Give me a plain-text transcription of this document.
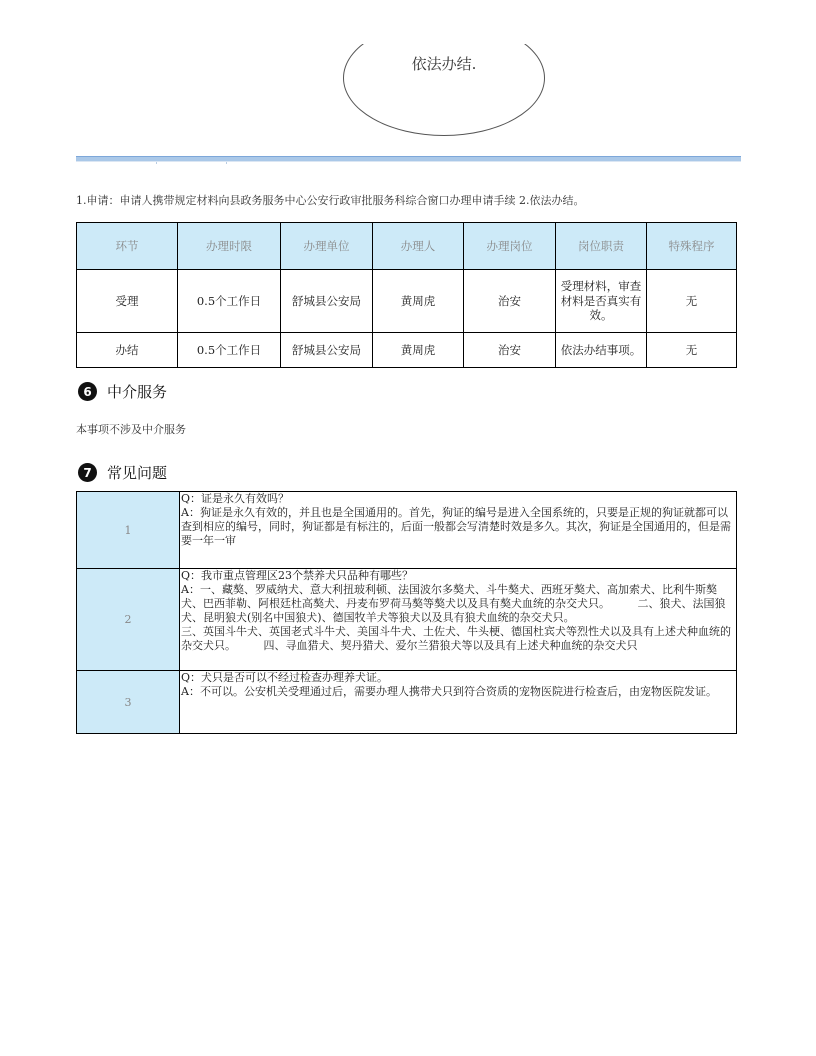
依法办结.
1.申请：申请人携带规定材料向县政务服务中心公安行政审批服务科综合窗口办理申请手续 2.依法办结。
环节	办理时限	办理单位	办理人	办理岗位	岗位职责	特殊程序
受理	0.5个工作日	舒城县公安局	黄周虎	治安	受理材料，审查材料是否真实有效。	无
办结	0.5个工作日	舒城县公安局	黄周虎	治安	依法办结事项。	无
6	中介服务
本事项不涉及中介服务
7	常见问题
1	Q：证是永久有效吗？
A：狗证是永久有效的，并且也是全国通用的。首先，狗证的编号是进入全国系统的，只要是正规的狗证就都可以查到相应的编号，同时，狗证都是有标注的，后面一般都会写清楚时效是多久。其次，狗证是全国通用的，但是需要一年一审

2	Q：我市重点管理区23个禁养犬只品种有哪些？
A：一、藏獒、罗威纳犬、意大利扭玻利顿、法国波尔多獒犬、斗牛獒犬、西班牙獒犬、高加索犬、比利牛斯獒犬、巴西菲勒、阿根廷杜高獒犬、丹麦布罗荷马獒等獒犬以及具有獒犬血统的杂交犬只。　　　二、狼犬、法国狼犬、昆明狼犬(别名中国狼犬)、德国牧羊犬等狼犬以及具有狼犬血统的杂交犬只。
三、英国斗牛犬、英国老式斗牛犬、美国斗牛犬、土佐犬、牛头梗、德国杜宾犬等烈性犬以及具有上述犬种血统的杂交犬只。　　　四、寻血猎犬、契丹猎犬、爱尔兰猎狼犬等以及具有上述犬种血统的杂交犬只

3	Q：犬只是否可以不经过检查办理养犬证。
A：不可以。公安机关受理通过后，需要办理人携带犬只到符合资质的宠物医院进行检查后，由宠物医院发证。
